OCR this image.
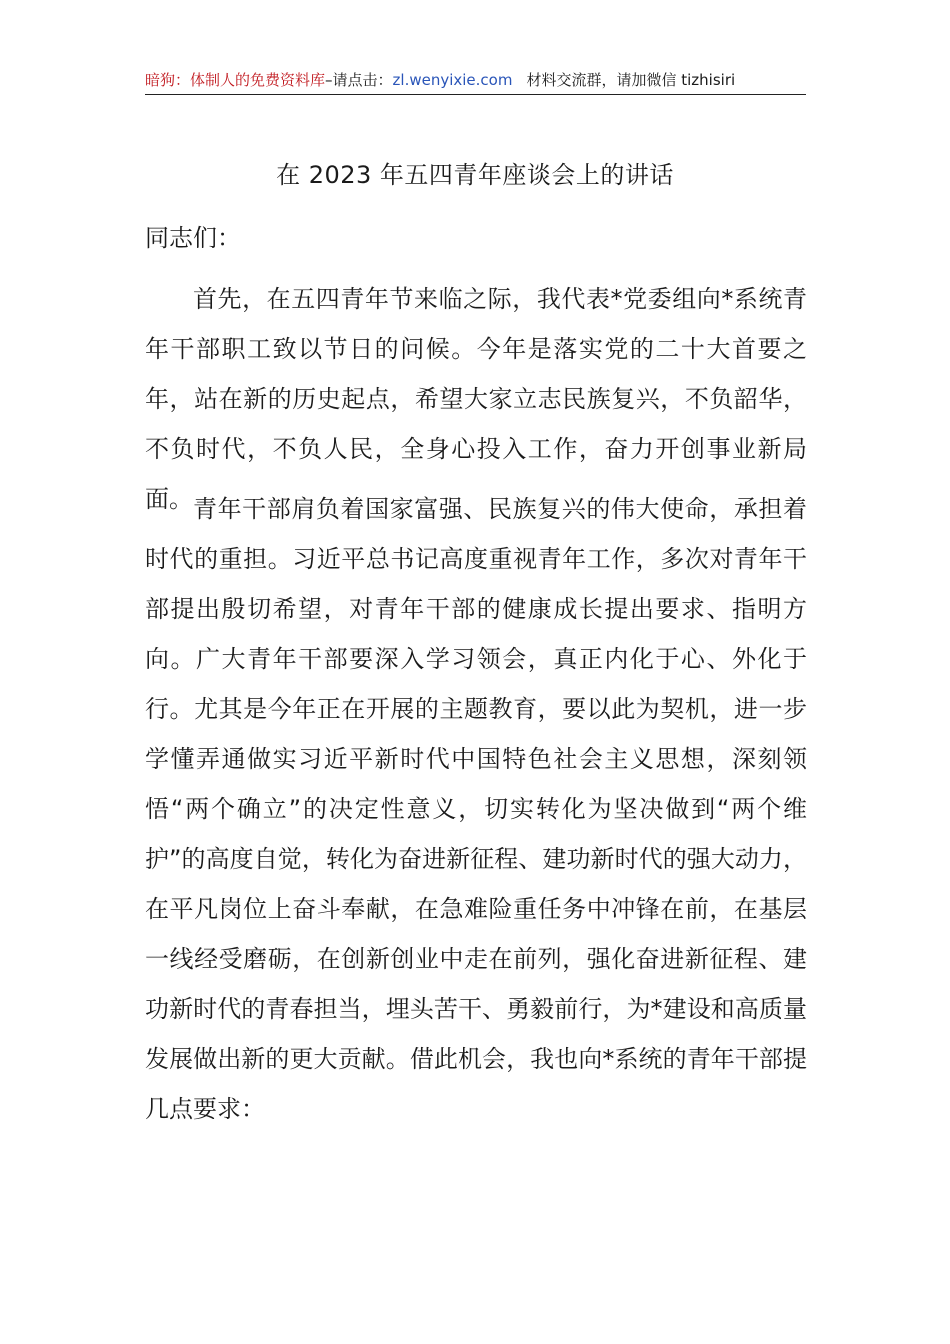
暗狗：体制人的免费资料库–请点击：zl.wenyixie.com 材料交流群，请加微信 tizhisiri
在 2023 年五四青年座谈会上的讲话
同志们：

首先，在五四青年节来临之际，我代表*党委组向*系统青年干部职工致以节日的问候。今年是落实党的二十大首要之年，站在新的历史起点，希望大家立志民族复兴，不负韶华，不负时代，不负人民，全身心投入工作，奋力开创事业新局面。 青年干部肩负着国家富强、民族复兴的伟大使命，承担着时代的重担。习近平总书记高度重视青年工作，多次对青年干部提出殷切希望，对青年干部的健康成长提出要求、指明方向。广大青年干部要深入学习领会，真正内化于心、外化于行。尤其是今年正在开展的主题教育，要以此为契机，进一步学懂弄通做实习近平新时代中国特色社会主义思想，深刻领悟“两个确立”的决定性意义，切实转化为坚决做到“两个维护”的高度自觉，转化为奋进新征程、建功新时代的强大动力，在平凡岗位上奋斗奉献，在急难险重任务中冲锋在前，在基层一线经受磨砺，在创新创业中走在前列，强化奋进新征程、建功新时代的青春担当，埋头苦干、勇毅前行，为*建设和高质量发展做出新的更大贡献。借此机会，我也向*系统的青年干部提几点要求：
